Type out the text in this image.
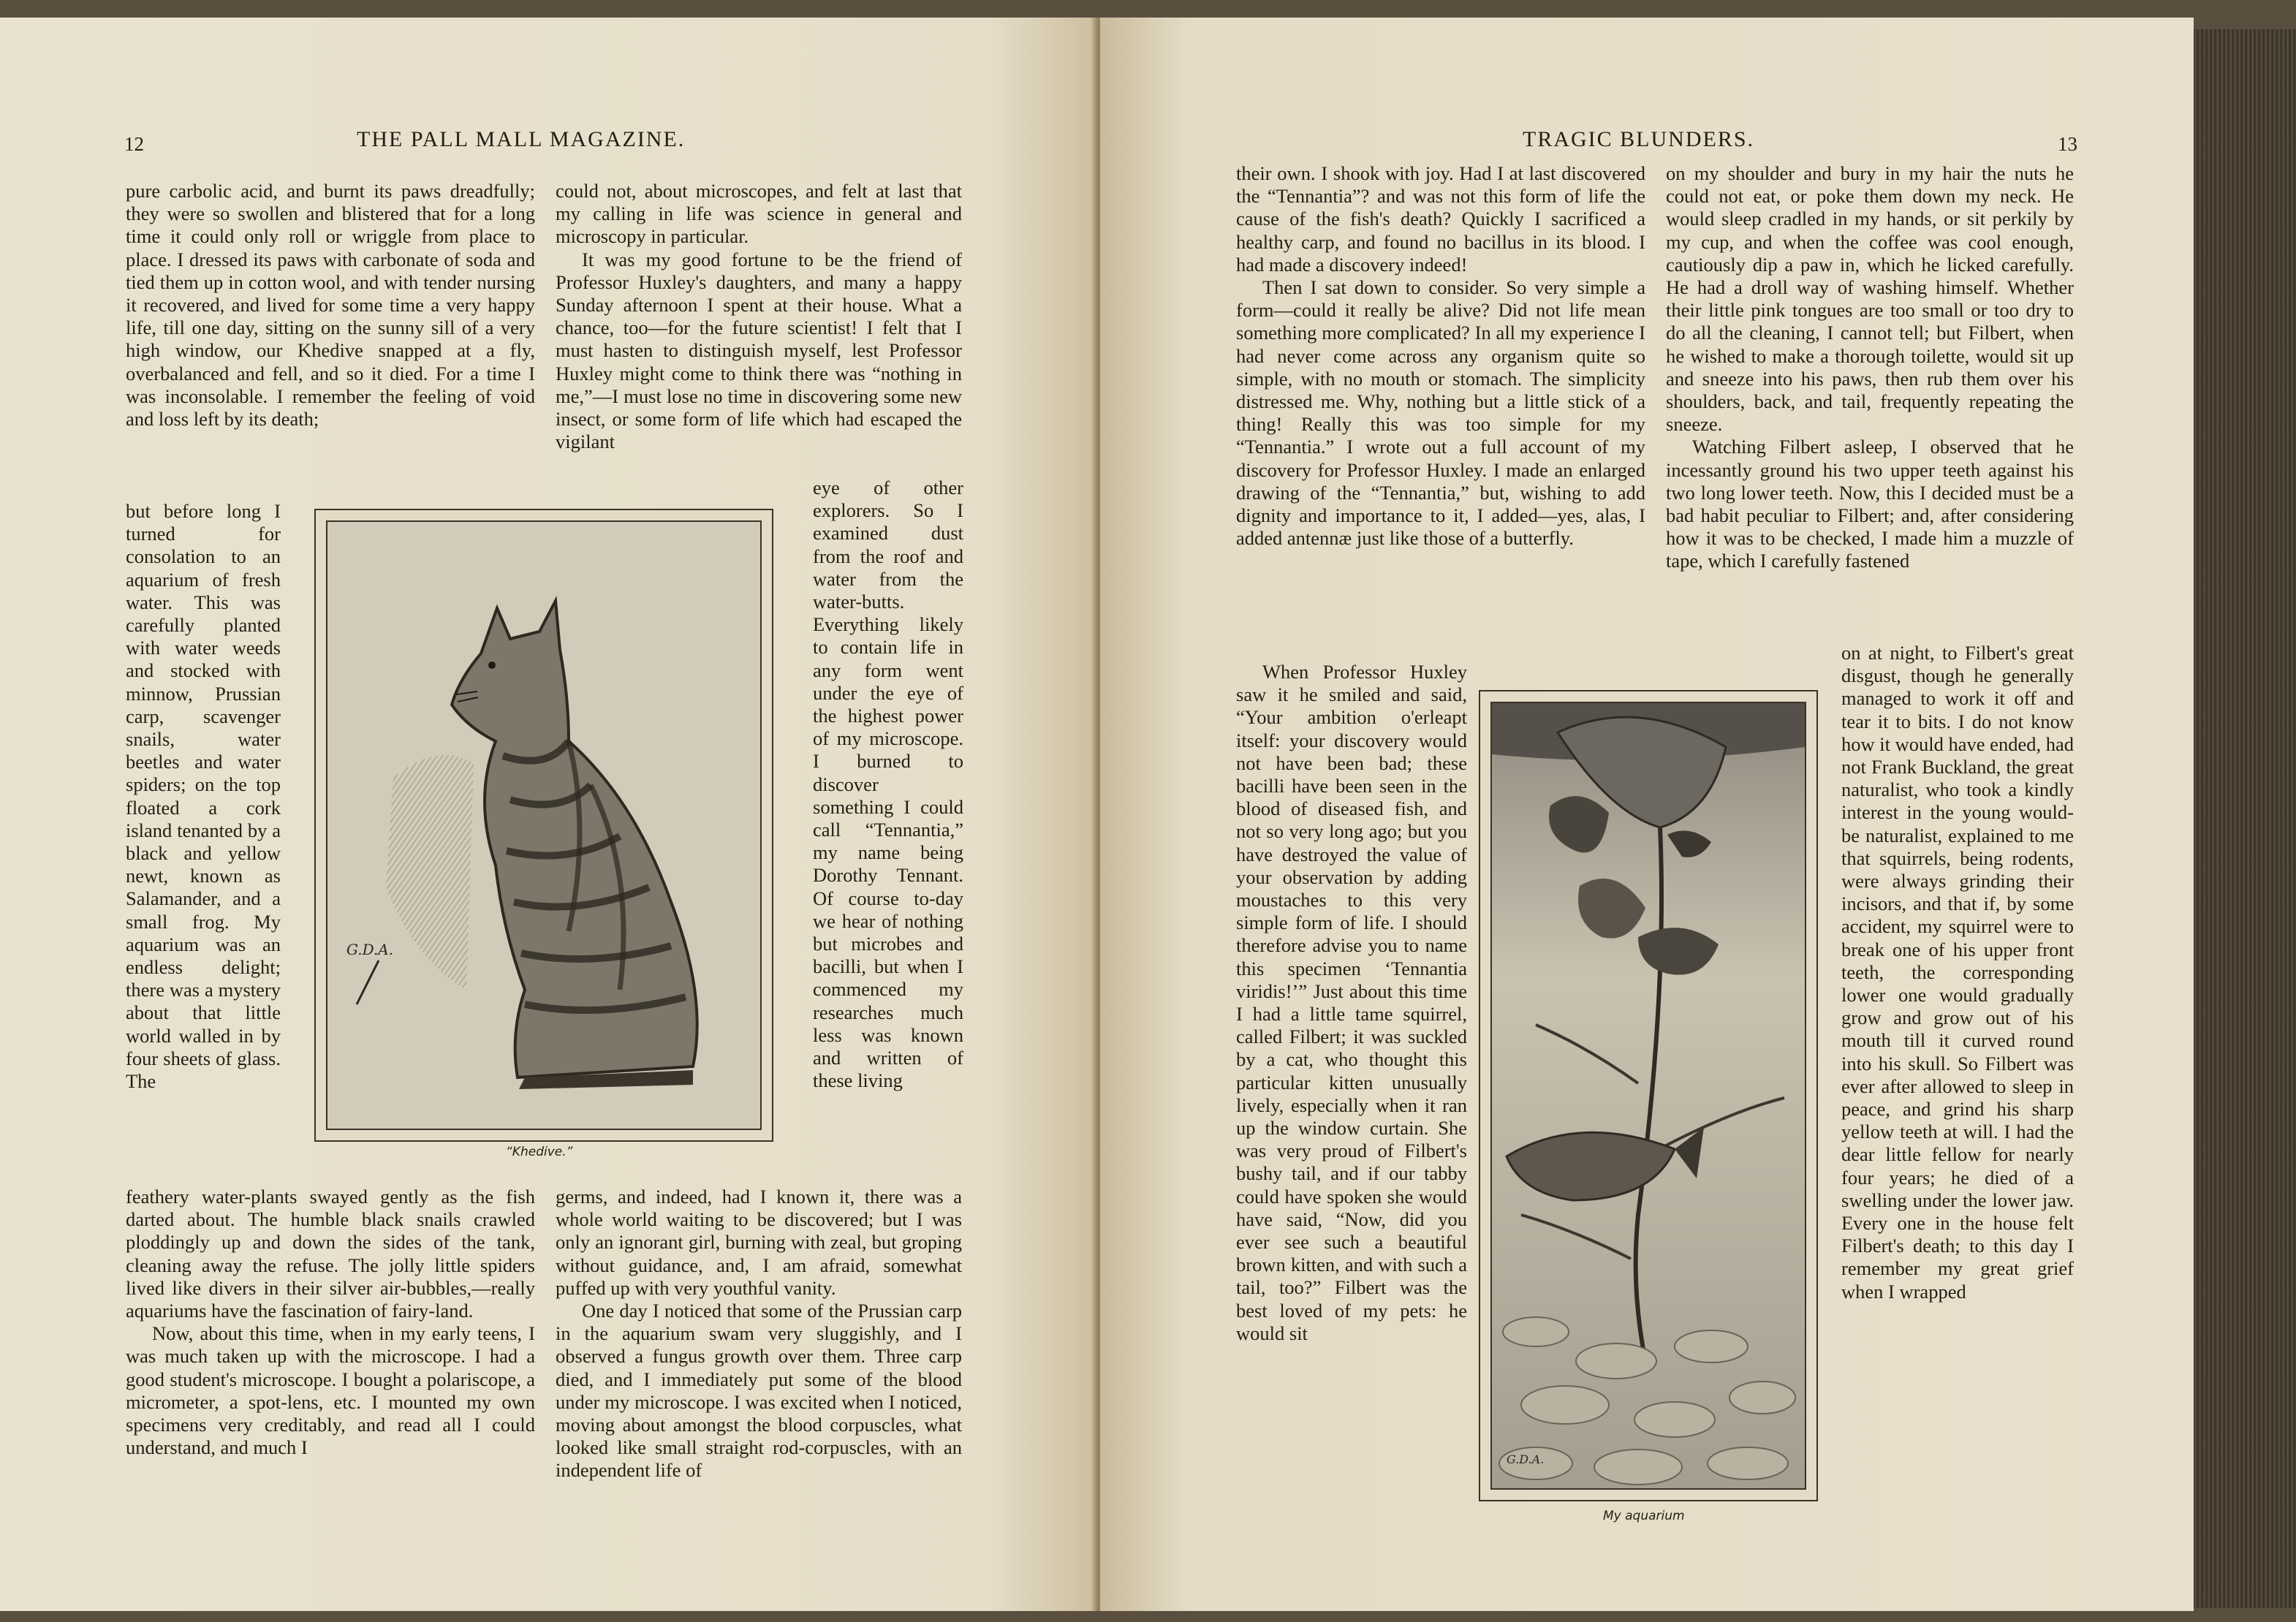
12	THE PALL MALL MAGAZINE.

pure carbolic acid, and burnt its paws dreadfully; they were so swollen and blistered that for a long time it could only roll or wriggle from place to place. I dressed its paws with carbonate of soda and tied them up in cotton wool, and with tender nursing it recovered, and lived for some time a very happy life, till one day, sitting on the sunny sill of a very high window, our Khedive snapped at a fly, overbalanced and fell, and so it died. For a time I was inconsolable. I remember the feeling of void and loss left by its death;

but before long I turned for consolation to an aquarium of fresh water. This was carefully planted with water weeds and stocked with minnow, Prussian carp, scavenger snails, water beetles and water spiders; on the top floated a cork island tenanted by a black and yellow newt, known as Salamander, and a small frog. My aquarium was an endless delight; there was a mystery about that little world walled in by four sheets of glass. The

feathery water-plants swayed gently as the fish darted about. The humble black snails crawled ploddingly up and down the sides of the tank, cleaning away the refuse. The jolly little spiders lived like divers in their silver air-bubbles,—really aquariums have the fascination of fairy-land.

Now, about this time, when in my early teens, I was much taken up with the microscope. I had a good student's microscope. I bought a polariscope, a micrometer, a spot-lens, etc. I mounted my own specimens very creditably, and read all I could understand, and much I

G.D.A.
“Khedive.”

could not, about microscopes, and felt at last that my calling in life was science in general and microscopy in particular.

It was my good fortune to be the friend of Professor Huxley's daughters, and many a happy Sunday afternoon I spent at their house. What a chance, too—for the future scientist! I felt that I must hasten to distinguish myself, lest Professor Huxley might come to think there was “nothing in me,”—I must lose no time in discovering some new insect, or some form of life which had escaped the vigilant

eye of other explorers. So I examined dust from the roof and water from the water-butts. Everything likely to contain life in any form went under the eye of the highest power of my microscope. I burned to discover something I could call “Tennantia,” my name being Dorothy Tennant. Of course to-day we hear of nothing but microbes and bacilli, but when I commenced my researches much less was known and written of these living

germs, and indeed, had I known it, there was a whole world waiting to be discovered; but I was only an ignorant girl, burning with zeal, but groping without guidance, and, I am afraid, somewhat puffed up with very youthful vanity.

One day I noticed that some of the Prussian carp in the aquarium swam very sluggishly, and I observed a fungus growth over them. Three carp died, and I immediately put some of the blood under my microscope. I was excited when I noticed, moving about amongst the blood corpuscles, what looked like small straight rod-corpuscles, with an independent life of

TRAGIC BLUNDERS.	13

their own. I shook with joy. Had I at last discovered the “Tennantia”? and was not this form of life the cause of the fish's death? Quickly I sacrificed a healthy carp, and found no bacillus in its blood. I had made a discovery indeed!

Then I sat down to consider. So very simple a form—could it really be alive? Did not life mean something more complicated? In all my experience I had never come across any organism quite so simple, with no mouth or stomach. The simplicity distressed me. Why, nothing but a little stick of a thing! Really this was too simple for my “Tennantia.” I wrote out a full account of my discovery for Professor Huxley. I made an enlarged drawing of the “Tennantia,” but, wishing to add dignity and importance to it, I added—yes, alas, I added antennæ just like those of a butterfly.

When Professor Huxley saw it he smiled and said, “Your ambition o'erleapt itself: your discovery would not have been bad; these bacilli have been seen in the blood of diseased fish, and not so very long ago; but you have destroyed the value of your observation by adding moustaches to this very simple form of life. I should therefore advise you to name this specimen ‘Tennantia viridis!’” Just about this time I had a little tame squirrel, called Filbert; it was suckled by a cat, who thought this particular kitten unusually lively, especially when it ran up the window curtain. She was very proud of Filbert's bushy tail, and if our tabby could have spoken she would have said, “Now, did you ever see such a beautiful brown kitten, and with such a tail, too?” Filbert was the best loved of my pets: he would sit

G.D.A.
My aquarium

on my shoulder and bury in my hair the nuts he could not eat, or poke them down my neck. He would sleep cradled in my hands, or sit perkily by my cup, and when the coffee was cool enough, cautiously dip a paw in, which he licked carefully. He had a droll way of washing himself. Whether their little pink tongues are too small or too dry to do all the cleaning, I cannot tell; but Filbert, when he wished to make a thorough toilette, would sit up and sneeze into his paws, then rub them over his shoulders, back, and tail, frequently repeating the sneeze.

Watching Filbert asleep, I observed that he incessantly ground his two upper teeth against his two long lower teeth. Now, this I decided must be a bad habit peculiar to Filbert; and, after considering how it was to be checked, I made him a muzzle of tape, which I carefully fastened

on at night, to Filbert's great disgust, though he generally managed to work it off and tear it to bits. I do not know how it would have ended, had not Frank Buckland, the great naturalist, who took a kindly interest in the young would-be naturalist, explained to me that squirrels, being rodents, were always grinding their incisors, and that if, by some accident, my squirrel were to break one of his upper front teeth, the corresponding lower one would gradually grow and grow out of his mouth till it curved round into his skull. So Filbert was ever after allowed to sleep in peace, and grind his sharp yellow teeth at will. I had the dear little fellow for nearly four years; he died of a swelling under the lower jaw. Every one in the house felt Filbert's death; to this day I remember my great grief when I wrapped
